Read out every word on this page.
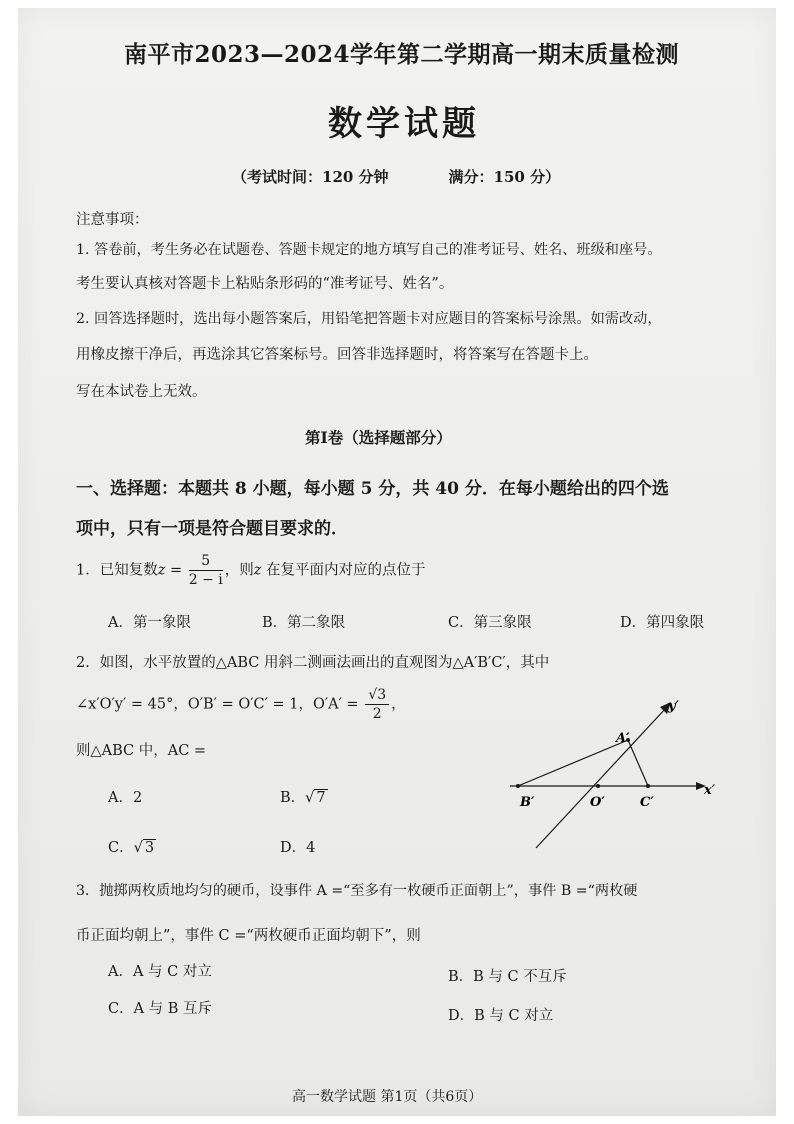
南平市2023—2024学年第二学期高一期末质量检测
数学试题
（考试时间：120 分钟	满分：150 分）
注意事项：
1. 答卷前，考生务必在试题卷、答题卡规定的地方填写自己的准考证号、姓名、班级和座号。
考生要认真核对答题卡上粘贴条形码的“准考证号、姓名”。
2. 回答选择题时，选出每小题答案后，用铅笔把答题卡对应题目的答案标号涂黑。如需改动，
用橡皮擦干净后，再选涂其它答案标号。回答非选择题时，将答案写在答题卡上。
写在本试卷上无效。
第Ⅰ卷（选择题部分）
一、选择题：本题共 8 小题，每小题 5 分，共 40 分．在每小题给出的四个选
项中，只有一项是符合题目要求的．
1．已知复数$z = \frac{5}{2 - i}$ ，则z 在复平面内对应的点位于
A．第一象限	B．第二象限	C．第三象限	D．第四象限
2．如图，水平放置的△ABC 用斜二测画法画出的直观图为△A′B′C′，其中
∠x′O′y′ = 45°，O′B′ = O′C′ = 1，$O'A' = \frac{√3}{2}$ ，
则△ABC 中，AC =
A．2	B．√ 7
C．√ 3	D．4
y′
A′
x′
B′	O′	C′
3．抛掷两枚质地均匀的硬币，设事件 A =“至多有一枚硬币正面朝上”，事件 B =“两枚硬
币正面均朝上”，事件 C =“两枚硬币正面均朝下”，则
A．A 与 C 对立	B．B 与 C 不互斥
C．A 与 B 互斥	D．B 与 C 对立
高一数学试题 第1页（共6页）
